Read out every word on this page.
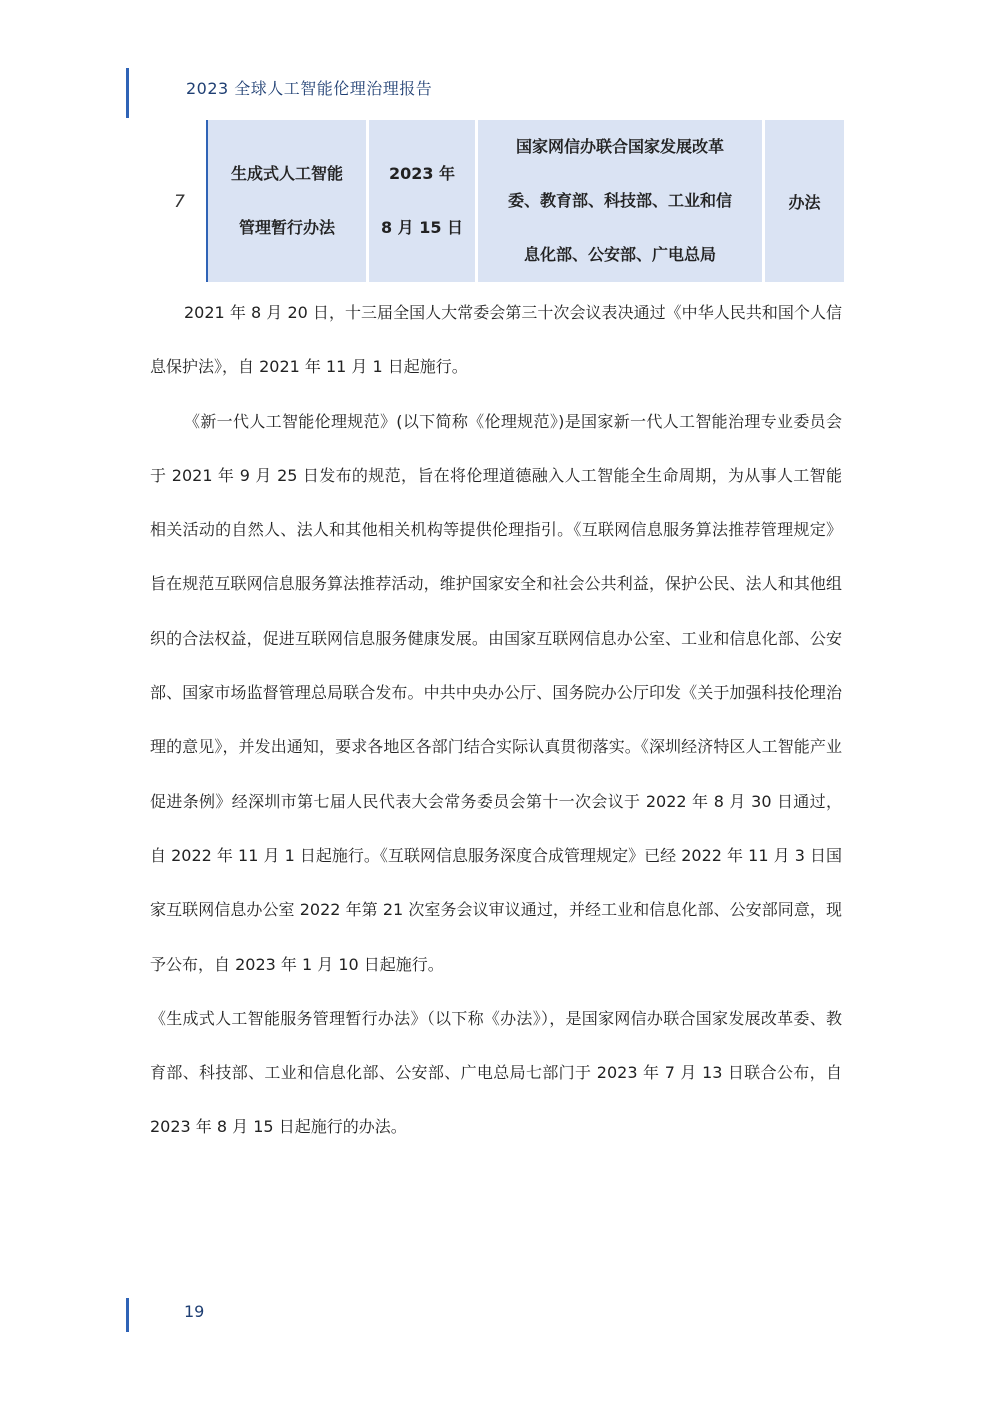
2023 全球人工智能伦理治理报告
7
生成式人工智能
管理暂行办法
2023 年
8 月 15 日
国家网信办联合国家发展改革
委、教育部、科技部、工业和信
息化部、公安部、广电总局
办法

2021 年 8 月 20 日，十三届全国人大常委会第三十次会议表决通过《中华人民共和国个人信息保护法》，自 2021 年 11 月 1 日起施行。

《新一代人工智能伦理规范》(以下简称《伦理规范》)是国家新一代人工智能治理专业委员会于 2021 年 9 月 25 日发布的规范，旨在将伦理道德融入人工智能全生命周期，为从事人工智能相关活动的自然人、法人和其他相关机构等提供伦理指引。《互联网信息服务算法推荐管理规定》旨在规范互联网信息服务算法推荐活动，维护国家安全和社会公共利益，保护公民、法人和其他组织的合法权益，促进互联网信息服务健康发展。由国家互联网信息办公室、工业和信息化部、公安部、国家市场监督管理总局联合发布。中共中央办公厅、国务院办公厅印发《关于加强科技伦理治理的意见》，并发出通知，要求各地区各部门结合实际认真贯彻落实。《深圳经济特区人工智能产业促进条例》经深圳市第七届人民代表大会常务委员会第十一次会议于 2022 年 8 月 30 日通过，自 2022 年 11 月 1 日起施行。《互联网信息服务深度合成管理规定》已经 2022 年 11 月 3 日国家互联网信息办公室 2022 年第 21 次室务会议审议通过，并经工业和信息化部、公安部同意，现予公布，自 2023 年 1 月 10 日起施行。

《生成式人工智能服务管理暂行办法》（以下称《办法》），是国家网信办联合国家发展改革委、教育部、科技部、工业和信息化部、公安部、广电总局七部门于 2023 年 7 月 13 日联合公布，自 2023 年 8 月 15 日起施行的办法。

19
